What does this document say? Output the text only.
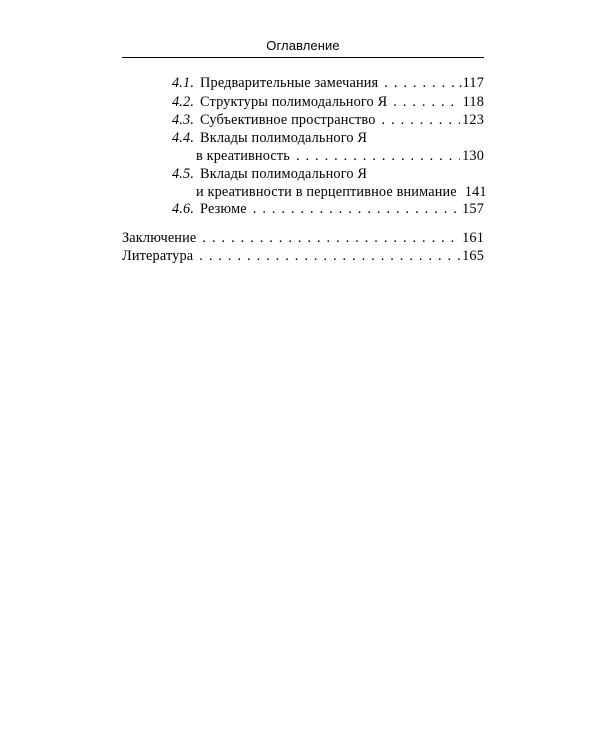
Оглавление
4.1. Предварительные замечания . . .	.117
4.2. Структуры полимодального Я . . .	118
4.3. Субъективное пространство . . .	123
4.4. Вклады полимодального Я
в креативность . . .	130
4.5. Вклады полимодального Я
и креативности в перцептивное внимание 141
4.6. Резюме . . .	157
Заключение . . .	161
Литература . . .	165
